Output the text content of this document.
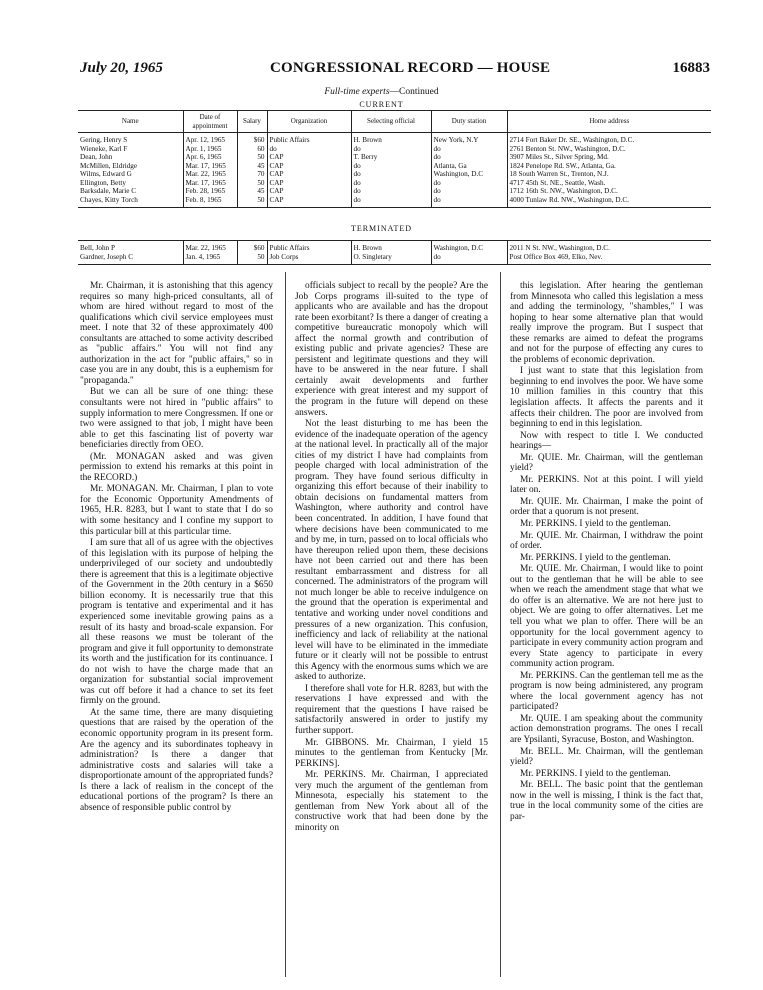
July 20, 1965	CONGRESSIONAL RECORD — HOUSE	16883
Full-time experts—Continued
CURRENT
Name	Date of appointment	Salary	Organization	Selecting official	Duty station	Home address
Gering, Henry S	Apr. 12, 1965	$60	Public Affairs	H. Brown	New York, N.Y	2714 Fort Baker Dr. SE., Washington, D.C.
Wieneke, Karl F	Apr. 1, 1965	60	do	do	do	2761 Benton St. NW., Washington, D.C.
Dean, John	Apr. 6, 1965	50	CAP	T. Berry	do	3907 Miles St., Silver Spring, Md.
McMillen, Eldridge	Mar. 17, 1965	45	CAP	do	Atlanta, Ga	1824 Penelope Rd. SW., Atlanta, Ga.
Wilms, Edward G	Mar. 22, 1965	70	CAP	do	Washington, D.C	18 South Warren St., Trenton, N.J.
Ellington, Betty	Mar. 17, 1965	50	CAP	do	do	4717 45th St. NE., Seattle, Wash.
Barksdale, Marie C	Feb. 28, 1965	45	CAP	do	do	1712 16th St. NW., Washington, D.C.
Chayes, Kitty Torch	Feb. 8, 1965	50	CAP	do	do	4000 Tunlaw Rd. NW., Washington, D.C.
TERMINATED
Bell, John P	Mar. 22, 1965	$60	Public Affairs	H. Brown	Washington, D.C	2011 N St. NW., Washington, D.C.
Gardner, Joseph C	Jan. 4, 1965	50	Job Corps	O. Singletary	do	Post Office Box 469, Elko, Nev.

Mr. Chairman, it is astonishing that this agency requires so many high-priced consultants, all of whom are hired without regard to most of the qualifications which civil service employees must meet. I note that 32 of these approximately 400 consultants are attached to some activity described as "public affairs." You will not find any authorization in the act for "public affairs," so in case you are in any doubt, this is a euphemism for "propaganda."

But we can all be sure of one thing: these consultants were not hired in "public affairs" to supply information to mere Congressmen. If one or two were assigned to that job, I might have been able to get this fascinating list of poverty war beneficiaries directly from OEO.

(Mr. MONAGAN asked and was given permission to extend his remarks at this point in the RECORD.)

Mr. MONAGAN. Mr. Chairman, I plan to vote for the Economic Opportunity Amendments of 1965, H.R. 8283, but I want to state that I do so with some hesitancy and I confine my support to this particular bill at this particular time.

I am sure that all of us agree with the objectives of this legislation with its purpose of helping the underprivileged of our society and undoubtedly there is agreement that this is a legitimate objective of the Government in the 20th century in a $650 billion economy. It is necessarily true that this program is tentative and experimental and it has experienced some inevitable growing pains as a result of its hasty and broad-scale expansion. For all these reasons we must be tolerant of the program and give it full opportunity to demonstrate its worth and the justification for its continuance. I do not wish to have the charge made that an organization for substantial social improvement was cut off before it had a chance to set its feet firmly on the ground.

At the same time, there are many disquieting questions that are raised by the operation of the economic opportunity program in its present form. Are the agency and its subordinates topheavy in administration? Is there a danger that administrative costs and salaries will take a disproportionate amount of the appropriated funds? Is there a lack of realism in the concept of the educational portions of the program? Is there an absence of responsible public control by

officials subject to recall by the people? Are the Job Corps programs ill-suited to the type of applicants who are available and has the dropout rate been exorbitant? Is there a danger of creating a competitive bureaucratic monopoly which will affect the normal growth and contribution of existing public and private agencies? These are persistent and legitimate questions and they will have to be answered in the near future. I shall certainly await developments and further experience with great interest and my support of the program in the future will depend on these answers.

Not the least disturbing to me has been the evidence of the inadequate operation of the agency at the national level. In practically all of the major cities of my district I have had complaints from people charged with local administration of the program. They have found serious difficulty in organizing this effort because of their inability to obtain decisions on fundamental matters from Washington, where authority and control have been concentrated. In addition, I have found that where decisions have been communicated to me and by me, in turn, passed on to local officials who have thereupon relied upon them, these decisions have not been carried out and there has been resultant embarrassment and distress for all concerned. The administrators of the program will not much longer be able to receive indulgence on the ground that the operation is experimental and tentative and working under novel conditions and pressures of a new organization. This confusion, inefficiency and lack of reliability at the national level will have to be eliminated in the immediate future or it clearly will not be possible to entrust this Agency with the enormous sums which we are asked to authorize.

I therefore shall vote for H.R. 8283, but with the reservations I have expressed and with the requirement that the questions I have raised be satisfactorily answered in order to justify my further support.

Mr. GIBBONS. Mr. Chairman, I yield 15 minutes to the gentleman from Kentucky [Mr. PERKINS].

Mr. PERKINS. Mr. Chairman, I appreciated very much the argument of the gentleman from Minnesota, especially his statement to the gentleman from New York about all of the constructive work that had been done by the minority on

this legislation. After hearing the gentleman from Minnesota who called this legislation a mess and adding the terminology, "shambles," I was hoping to hear some alternative plan that would really improve the program. But I suspect that these remarks are aimed to defeat the programs and not for the purpose of effecting any cures to the problems of economic deprivation.

I just want to state that this legislation from beginning to end involves the poor. We have some 10 million families in this country that this legislation affects. It affects the parents and it affects their children. The poor are involved from beginning to end in this legislation.

Now with respect to title I. We conducted hearings—

Mr. QUIE. Mr. Chairman, will the gentleman yield?

Mr. PERKINS. Not at this point. I will yield later on.

Mr. QUIE. Mr. Chairman, I make the point of order that a quorum is not present.

Mr. PERKINS. I yield to the gentleman.

Mr. QUIE. Mr. Chairman, I withdraw the point of order.

Mr. PERKINS. I yield to the gentleman.

Mr. QUIE. Mr. Chairman, I would like to point out to the gentleman that he will be able to see when we reach the amendment stage that what we do offer is an alternative. We are not here just to object. We are going to offer alternatives. Let me tell you what we plan to offer. There will be an opportunity for the local government agency to participate in every community action program and every State agency to participate in every community action program.

Mr. PERKINS. Can the gentleman tell me as the program is now being administered, any program where the local government agency has not participated?

Mr. QUIE. I am speaking about the community action demonstration programs. The ones I recall are Ypsilanti, Syracuse, Boston, and Washington.

Mr. BELL. Mr. Chairman, will the gentleman yield?

Mr. PERKINS. I yield to the gentleman.

Mr. BELL. The basic point that the gentleman now in the well is missing, I think is the fact that, true in the local community some of the cities are par-
